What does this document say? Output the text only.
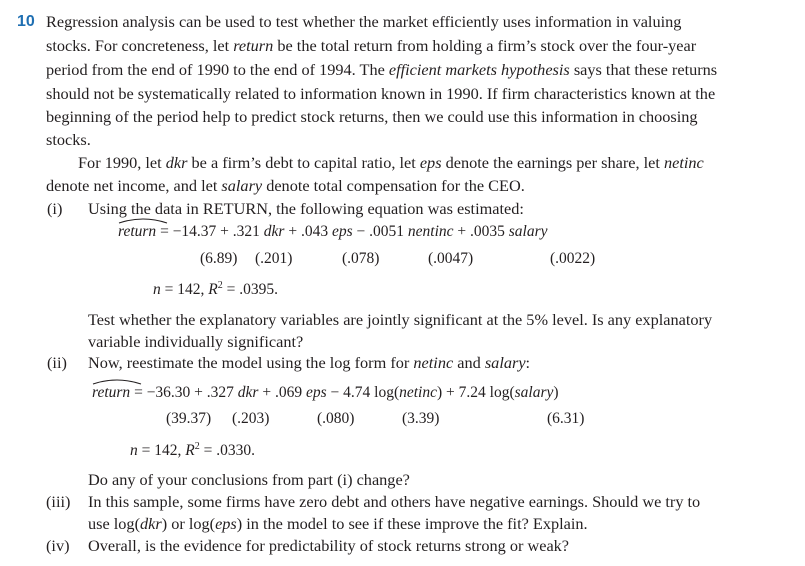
10 Regression analysis can be used to test whether the market efficiently uses information in valuing
stocks. For concreteness, let return be the total return from holding a firm’s stock over the four-year
period from the end of 1990 to the end of 1994. The efficient markets hypothesis says that these returns
should not be systematically related to information known in 1990. If firm characteristics known at the
beginning of the period help to predict stock returns, then we could use this information in choosing
stocks.
For 1990, let dkr be a firm’s debt to capital ratio, let eps denote the earnings per share, let netinc
denote net income, and let salary denote total compensation for the CEO.
(i) Using the data in RETURN, the following equation was estimated:
return = −14.37 + .321 dkr + .043 eps − .0051 nentinc + .0035 salary
(6.89) (.201)	(.078)	(.0047)	(.0022)
n = 142, $R^2 = .0395$.
Test whether the explanatory variables are jointly significant at the 5% level. Is any explanatory
variable individually significant?
(ii) Now, reestimate the model using the log form for netinc and salary:
return = −36.30 + .327 dkr + .069 eps − 4.74 log(netinc) + 7.24 log(salary)
(39.37) (.203)	(.080)	(3.39)	(6.31)
n = 142, $R^2 = .0330$.
Do any of your conclusions from part (i) change?
(iii) In this sample, some firms have zero debt and others have negative earnings. Should we try to
use log(dkr) or log(eps) in the model to see if these improve the fit? Explain.
(iv) Overall, is the evidence for predictability of stock returns strong or weak?
